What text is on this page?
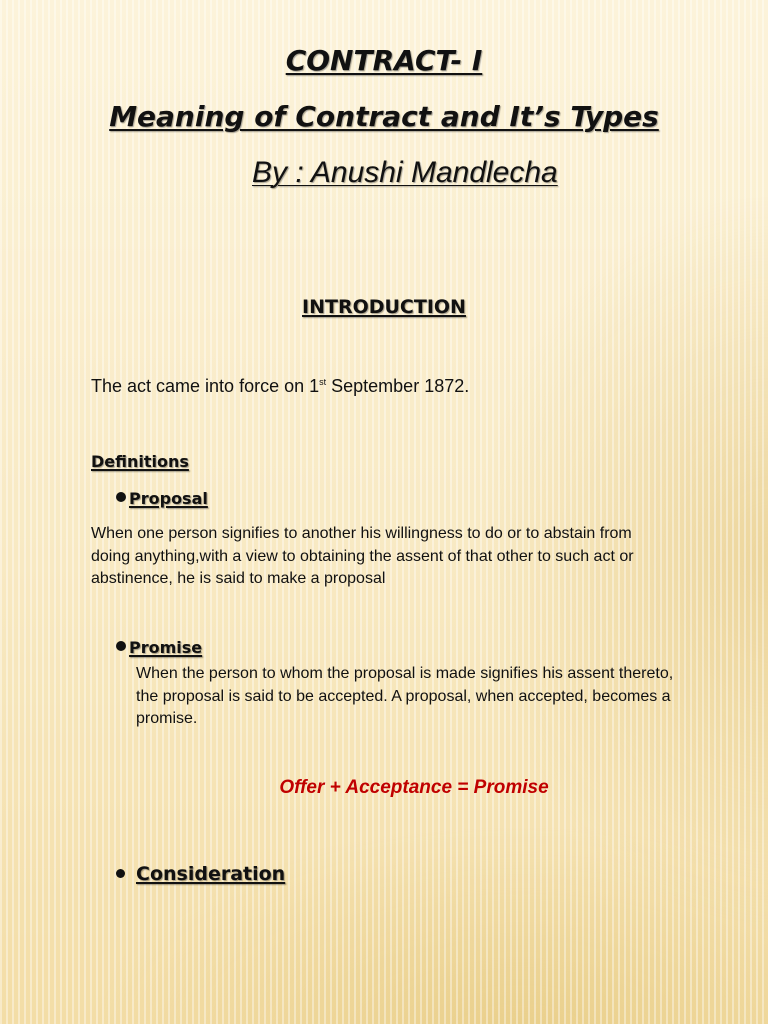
CONTRACT- I
Meaning of Contract and It’s Types
By : Anushi Mandlecha
INTRODUCTION
The act came into force on 1st September 1872.
Definitions
Proposal
When one person signifies to another his willingness to do or to abstain from doing anything,with a view to obtaining the assent of that other to such act or abstinence, he is said to make a proposal
Promise
When the person to whom the proposal is made signifies his assent thereto, the proposal is said to be accepted. A proposal, when accepted, becomes a promise.
Offer + Acceptance = Promise
Consideration
